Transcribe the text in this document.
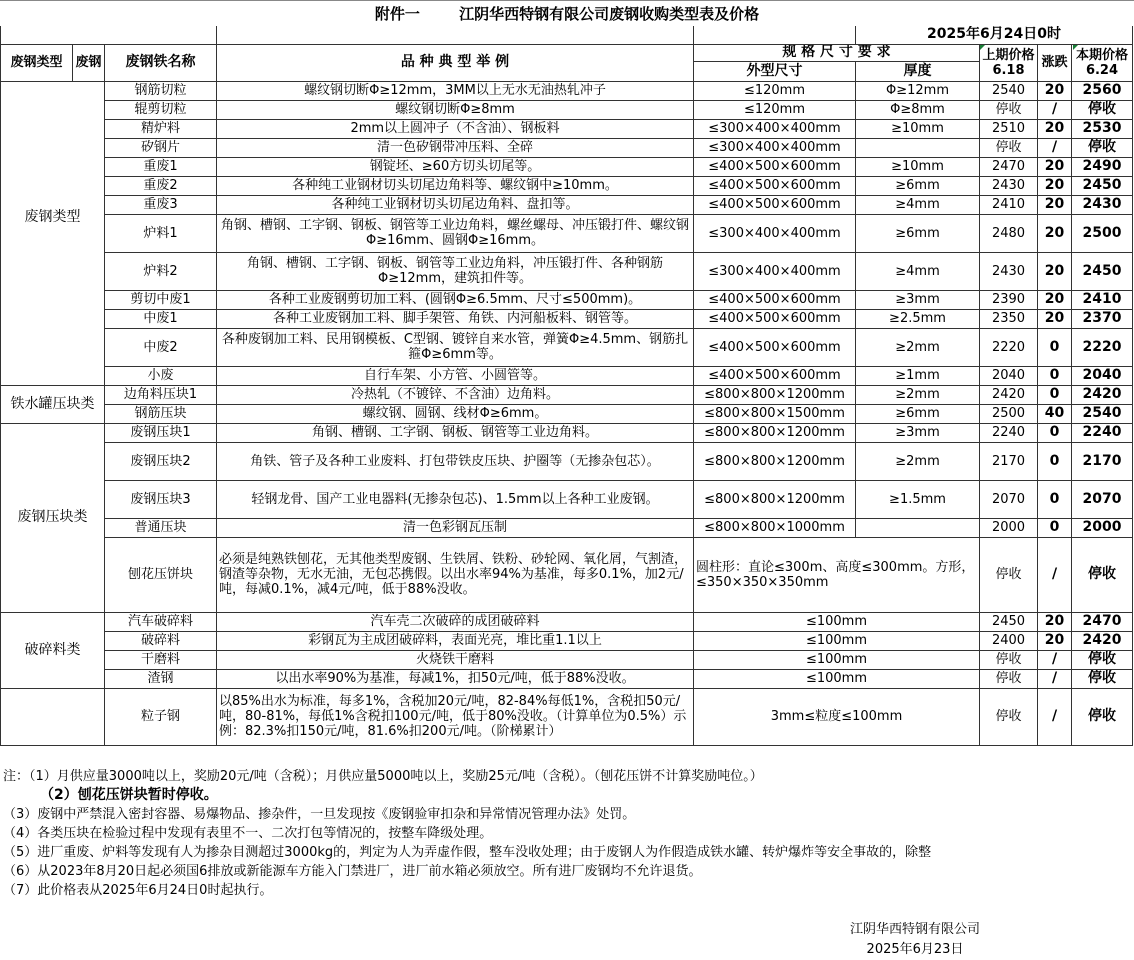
附件一	江阴华西特钢有限公司废钢收购类型表及价格
					2025年6月24日0时			
废钢类型	废钢	废钢铁名称	品 种 典 型 举 例	规 格 尺 寸 要 求		上期价格6.18	涨跌	本期价格6.24
				外型尺寸	厚度			
废钢类型		钢筋切粒	螺纹钢切断Φ≥12mm，3MM以上无水无油热轧冲子	≤120mm	Φ≥12mm	2540	20	2560
		辊剪切粒	螺纹钢切断Φ≥8mm	≤120mm	Φ≥8mm	停收	/	停收
		精炉料	2mm以上圆冲子（不含油）、钢板料	≤300×400×400mm	≥10mm	2510	20	2530
		矽钢片	清一色矽钢带冲压料、全碎	≤300×400×400mm		停收	/	停收
		重废1	钢锭坯、≥60方切头切尾等。	≤400×500×600mm	≥10mm	2470	20	2490
		重废2	各种纯工业钢材切头切尾边角料等、螺纹钢中≥10mm。	≤400×500×600mm	≥6mm	2430	20	2450
		重废3	各种纯工业钢材切头切尾边角料、盘扣等。	≤400×500×600mm	≥4mm	2410	20	2430
		炉料1	角钢、槽钢、工字钢、钢板、钢管等工业边角料，螺丝螺母、冲压锻打件、螺纹钢Φ≥16mm、圆钢Φ≥16mm。	≤300×400×400mm	≥6mm	2480	20	2500
		炉料2	角钢、槽钢、工字钢、钢板、钢管等工业边角料，冲压锻打件、各种钢筋Φ≥12mm，建筑扣件等。	≤300×400×400mm	≥4mm	2430	20	2450
		剪切中废1	各种工业废钢剪切加工料、(圆钢Φ≥6.5mm、尺寸≤500mm)。	≤400×500×600mm	≥3mm	2390	20	2410
		中废1	各种工业废钢加工料、脚手架管、角铁、内河船板料、钢管等。	≤400×500×600mm	≥2.5mm	2350	20	2370
		中废2	各种废钢加工料、民用钢模板、C型钢、镀锌自来水管，弹簧Φ≥4.5mm、钢筋扎箍Φ≥6mm等。	≤400×500×600mm	≥2mm	2220	0	2220
		小废	自行车架、小方管、小圆管等。	≤400×500×600mm	≥1mm	2040	0	2040
铁水罐压块类		边角料压块1	冷热轧（不镀锌、不含油）边角料。	≤800×800×1200mm	≥2mm	2420	0	2420
		钢筋压块	螺纹钢、圆钢、线材Φ≥6mm。	≤800×800×1500mm	≥6mm	2500	40	2540
废钢压块类		废钢压块1	角钢、槽钢、工字钢、钢板、钢管等工业边角料。	≤800×800×1200mm	≥3mm	2240	0	2240
		废钢压块2	角铁、管子及各种工业废料、打包带铁皮压块、护圈等（无掺杂包芯）。	≤800×800×1200mm	≥2mm	2170	0	2170
		废钢压块3	轻钢龙骨、国产工业电器料(无掺杂包芯)、1.5mm以上各种工业废钢。	≤800×800×1200mm	≥1.5mm	2070	0	2070
		普通压块	清一色彩钢瓦压制	≤800×800×1000mm		2000	0	2000
		刨花压饼块	必须是纯熟铁刨花，无其他类型废钢、生铁屑、铁粉、砂轮网、氧化屑，气割渣，钢渣等杂物，无水无油，无包芯携假。以出水率94%为基准，每多0.1%，加2元/吨，每减0.1%，减4元/吨，低于88%没收。	圆柱形：直论≤300m、高度≤300mm。方形，≤350×350×350mm		停收	/	停收
破碎料类		汽车破碎料	汽车壳二次破碎的成团破碎料	≤100mm		2450	20	2470
		破碎料	彩钢瓦为主成团破碎料，表面光亮，堆比重1.1以上	≤100mm		2400	20	2420
		干磨料	火烧铁干磨料	≤100mm		停收	/	停收
		渣钢	以出水率90%为基准，每减1%，扣50元/吨，低于88%没收。	≤100mm		停收	/	停收
		粒子钢	以85%出水为标准，每多1%，含税加20元/吨，82-84%每低1%，含税扣50元/吨，80-81%，每低1%含税扣100元/吨，低于80%没收。（计算单位为0.5%）示例：82.3%扣150元/吨，81.6%扣200元/吨。（阶梯累计）	3mm≤粒度≤100mm		停收	/	停收
注：（1）月供应量3000吨以上，奖励20元/吨（含税）；月供应量5000吨以上，奖励25元/吨（含税）。（刨花压饼不计算奖励吨位。）
（2）刨花压饼块暂时停收。
（3）废钢中严禁混入密封容器、易爆物品、掺杂件，一旦发现按《废钢验审扣杂和异常情况管理办法》处罚。
（4）各类压块在检验过程中发现有表里不一、二次打包等情况的，按整车降级处理。
（5）进厂重废、炉料等发现有人为掺杂目测超过3000kg的，判定为人为弄虚作假，整车没收处理；由于废钢人为作假造成铁水罐、转炉爆炸等安全事故的，除整
（6）从2023年8月20日起必须国6排放或新能源车方能入门禁进厂，进厂前水箱必须放空。所有进厂废钢均不允许退货。
（7）此价格表从2025年6月24日0时起执行。
江阴华西特钢有限公司
2025年6月23日
